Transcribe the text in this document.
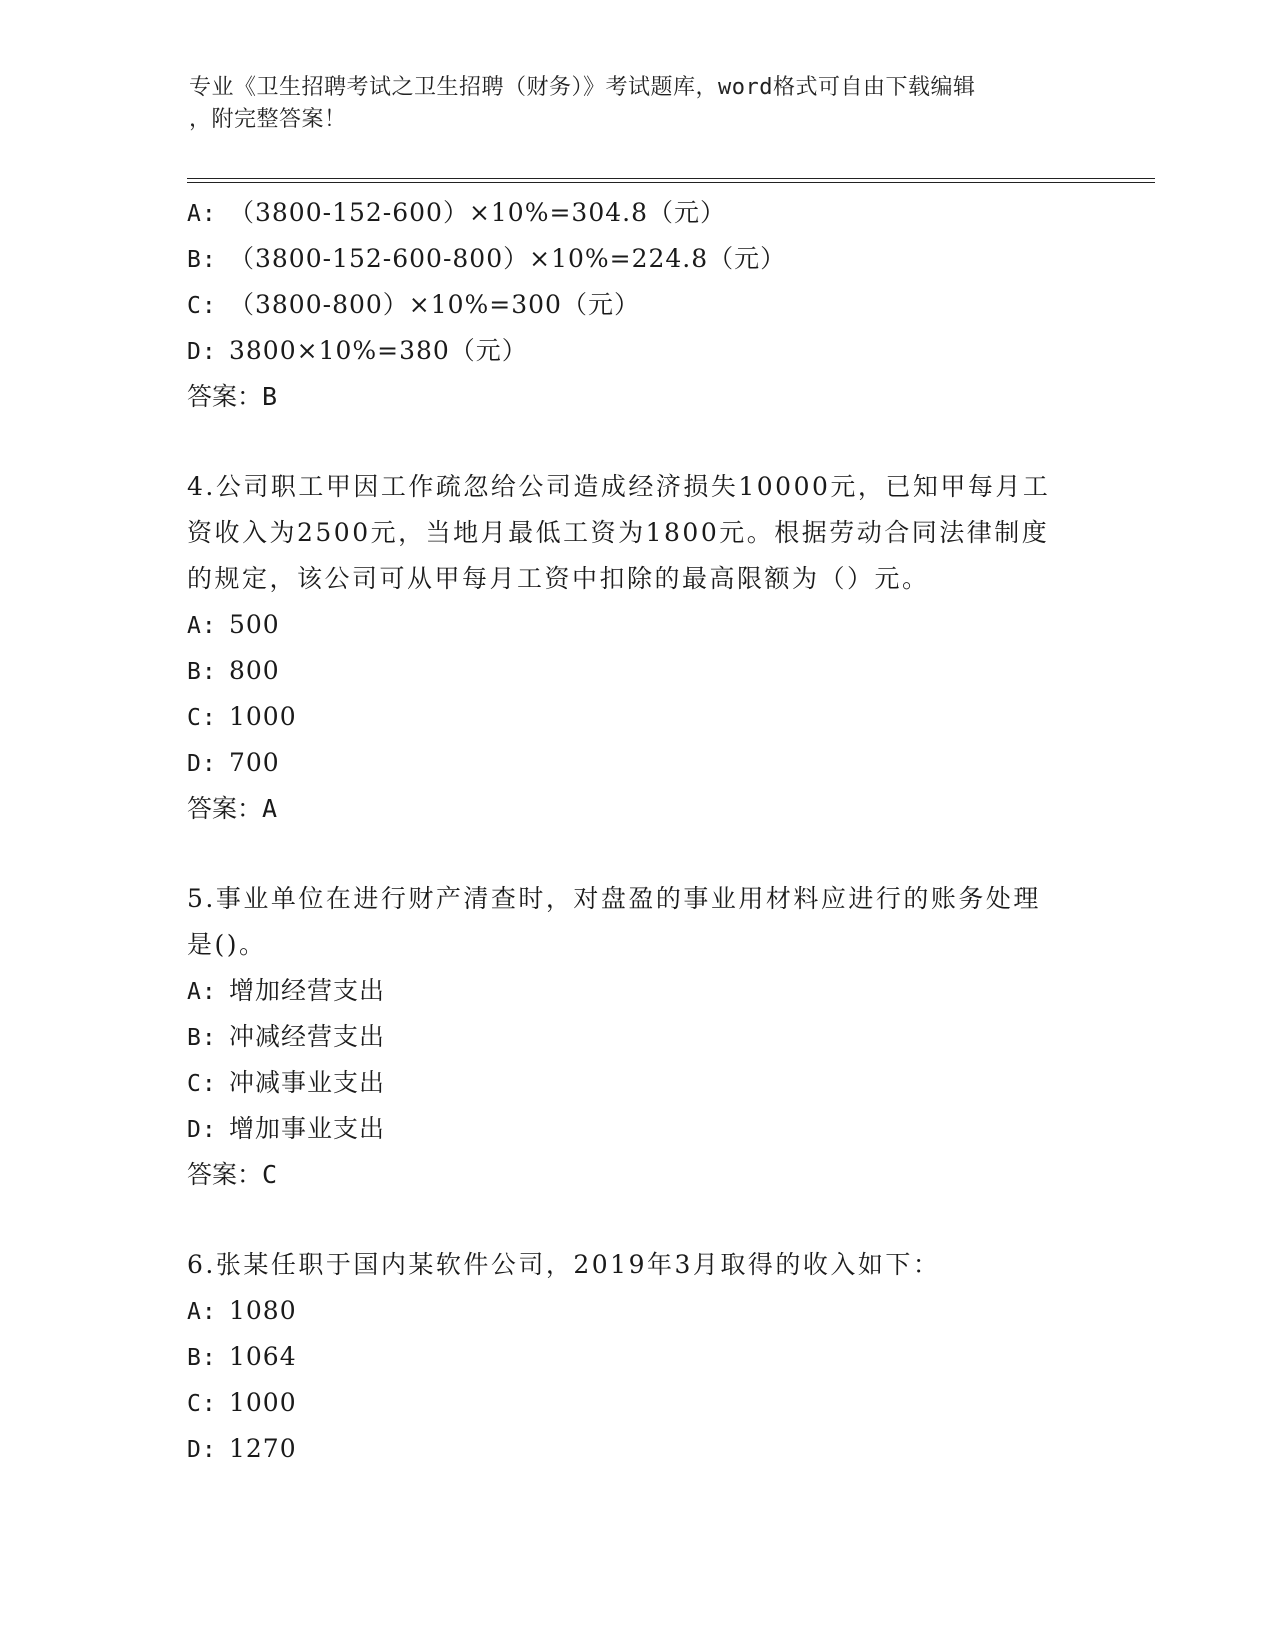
专业《卫生招聘考试之卫生招聘（财务）》考试题库，word格式可自由下载编辑
，附完整答案！
A: （3800-152-600）×10%=304.8（元）
B: （3800-152-600-800）×10%=224.8（元）
C: （3800-800）×10%=300（元）
D: 3800×10%=380（元）
答案：B
4.公司职工甲因工作疏忽给公司造成经济损失10000元，已知甲每月工资收入为2500元，当地月最低工资为1800元。根据劳动合同法律制度的规定，该公司可从甲每月工资中扣除的最高限额为（）元。
A: 500
B: 800
C: 1000
D: 700
答案：A
5.事业单位在进行财产清查时，对盘盈的事业用材料应进行的账务处理是()。
A: 增加经营支出
B: 冲减经营支出
C: 冲减事业支出
D: 增加事业支出
答案：C
6.张某任职于国内某软件公司，2019年3月取得的收入如下：
A: 1080
B: 1064
C: 1000
D: 1270
